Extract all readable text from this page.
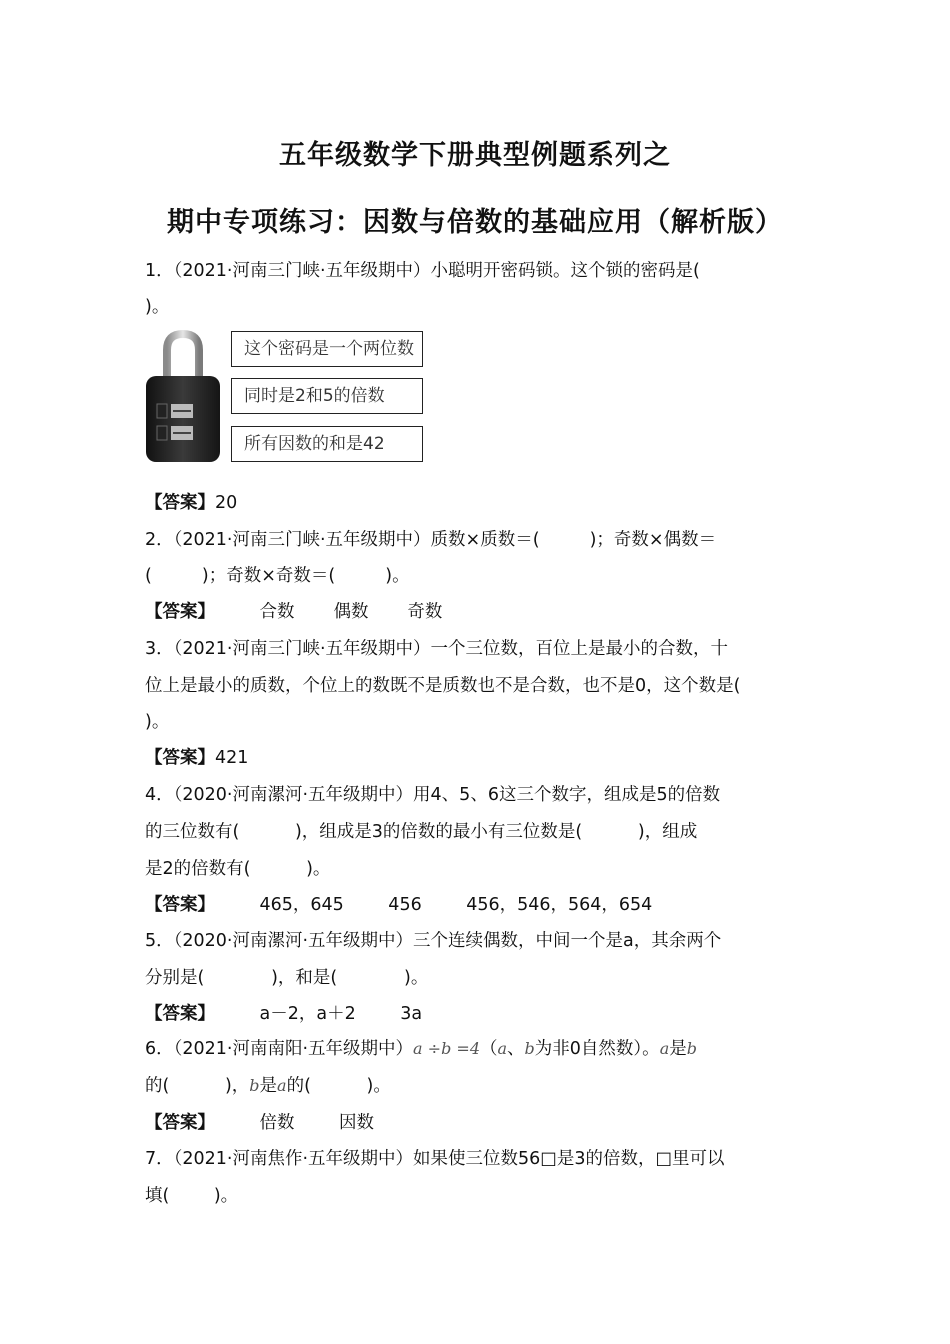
五年级数学下册典型例题系列之
期中专项练习：因数与倍数的基础应用（解析版）
1．（2021·河南三门峡·五年级期中）小聪明开密码锁。这个锁的密码是(
)。
这个密码是一个两位数
同时是2和5的倍数
所有因数的和是42
【答案】20
2．（2021·河南三门峡·五年级期中）质数×质数＝(         )；奇数×偶数＝
(         )；奇数×奇数＝(         )。
【答案】        合数       偶数       奇数
3．（2021·河南三门峡·五年级期中）一个三位数，百位上是最小的合数，十
位上是最小的质数，个位上的数既不是质数也不是合数，也不是0，这个数是(
)。
【答案】421
4．（2020·河南漯河·五年级期中）用4、5、6这三个数字，组成是5的倍数
的三位数有(          )，组成是3的倍数的最小有三位数是(          )，组成
是2的倍数有(          )。
【答案】        465，645        456        456，546，564，654
5．（2020·河南漯河·五年级期中）三个连续偶数，中间一个是a，其余两个
分别是(            )，和是(            )。
【答案】        a－2，a＋2        3a
6．（2021·河南南阳·五年级期中）a ÷b =4（a、b为非0自然数）。a是b
的(          )，b是a的(          )。
【答案】        倍数        因数
7．（2021·河南焦作·五年级期中）如果使三位数56□是3的倍数，□里可以
填(        )。
